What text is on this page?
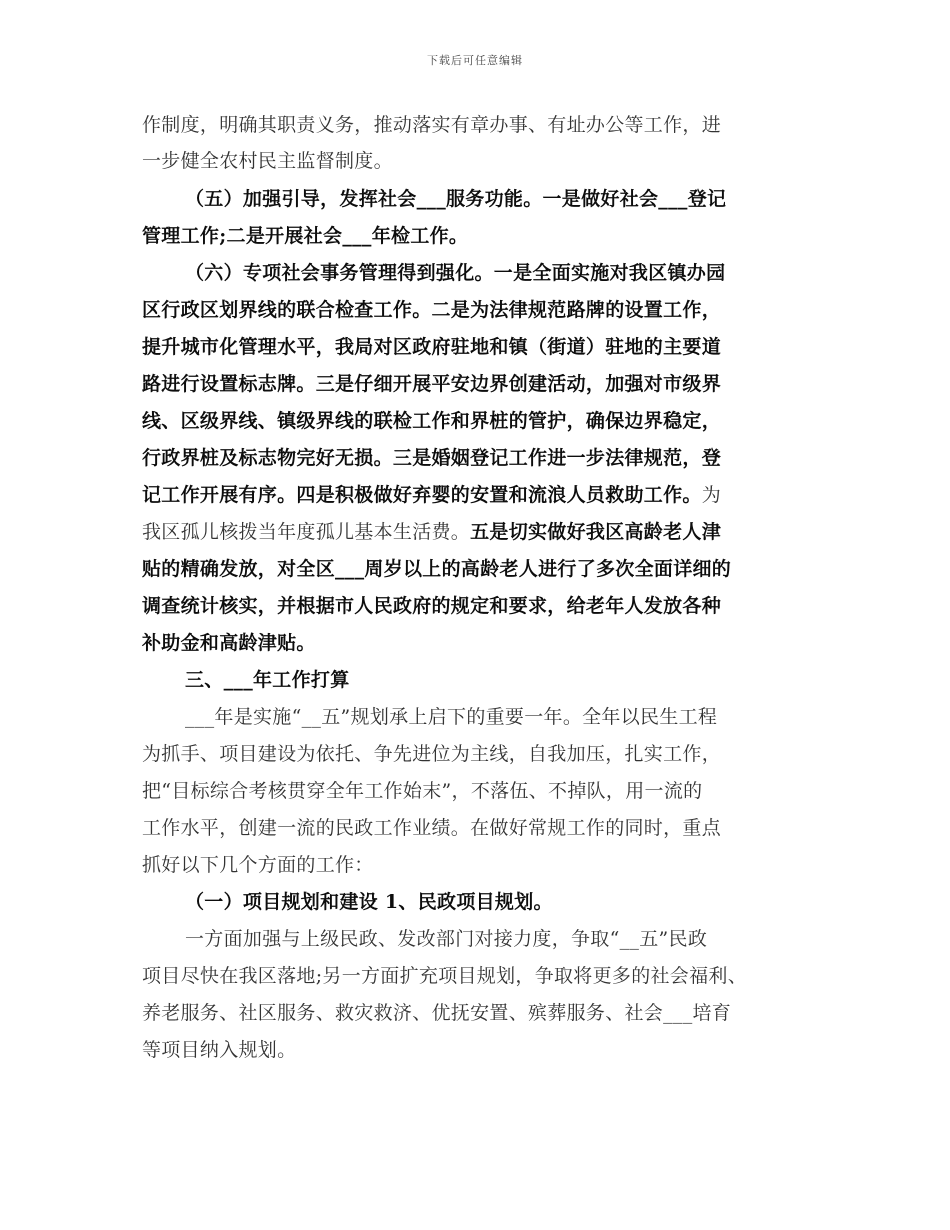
下载后可任意编辑
作制度，明确其职责义务，推动落实有章办事、有址办公等工作，进
一步健全农村民主监督制度。
（五）加强引导，发挥社会___服务功能。一是做好社会___登记
管理工作;二是开展社会___年检工作。
（六）专项社会事务管理得到强化。一是全面实施对我区镇办园
区行政区划界线的联合检查工作。二是为法律规范路牌的设置工作，
提升城市化管理水平，我局对区政府驻地和镇（街道）驻地的主要道
路进行设置标志牌。三是仔细开展平安边界创建活动，加强对市级界
线、区级界线、镇级界线的联检工作和界桩的管护，确保边界稳定，
行政界桩及标志物完好无损。三是婚姻登记工作进一步法律规范，登
记工作开展有序。四是积极做好弃婴的安置和流浪人员救助工作。为
我区孤儿核拨当年度孤儿基本生活费。五是切实做好我区高龄老人津
贴的精确发放，对全区___周岁以上的高龄老人进行了多次全面详细的
调查统计核实，并根据市人民政府的规定和要求，给老年人发放各种
补助金和高龄津贴。
三、___年工作打算
___年是实施“__五”规划承上启下的重要一年。全年以民生工程
为抓手、项目建设为依托、争先进位为主线，自我加压，扎实工作，
把“目标综合考核贯穿全年工作始末”，不落伍、不掉队，用一流的
工作水平，创建一流的民政工作业绩。在做好常规工作的同时，重点
抓好以下几个方面的工作：
（一）项目规划和建设 1、民政项目规划。
一方面加强与上级民政、发改部门对接力度，争取“__五”民政
项目尽快在我区落地;另一方面扩充项目规划，争取将更多的社会福利、
养老服务、社区服务、救灾救济、优抚安置、殡葬服务、社会___培育
等项目纳入规划。
